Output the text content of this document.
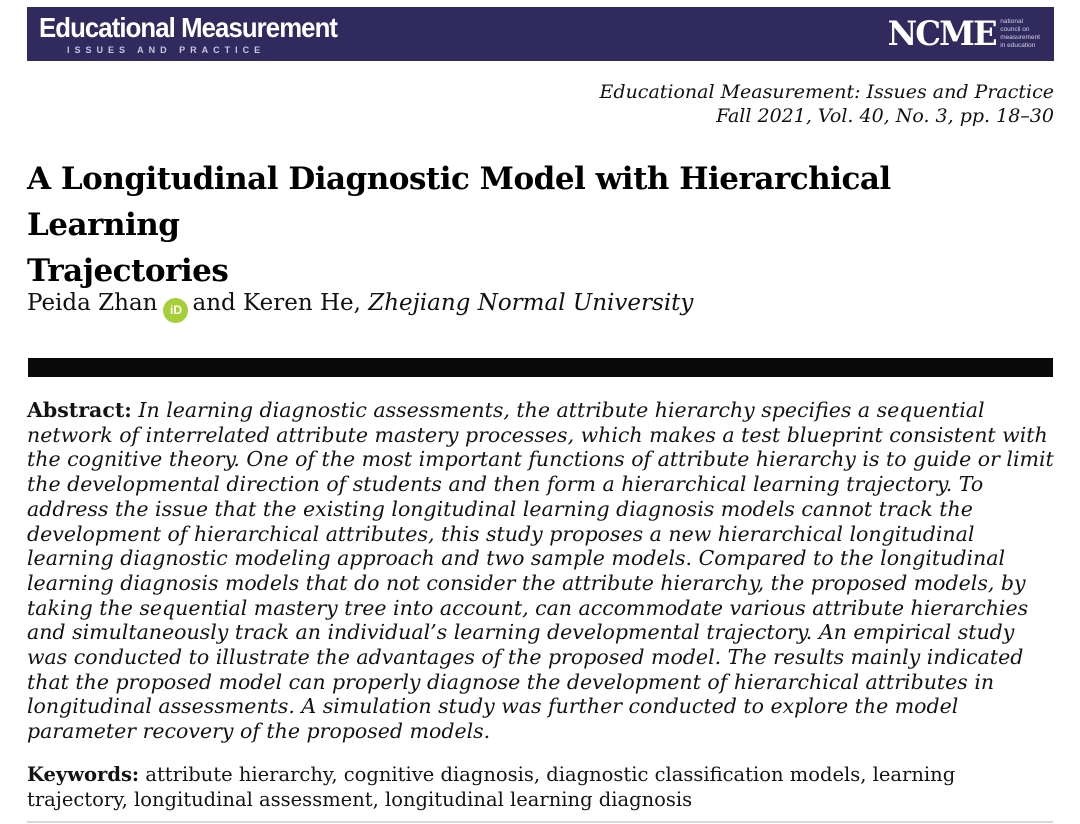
Educational Measurement
ISSUES AND PRACTICE	NCME national
council on
measurement
in education
Educational Measurement: Issues and Practice
Fall 2021, Vol. 40, No. 3, pp. 18–30
A Longitudinal Diagnostic Model with Hierarchical Learning
Trajectories
Peida Zhan iD and Keren He, Zhejiang Normal University

Abstract: In learning diagnostic assessments, the attribute hierarchy specifies a sequential network of interrelated attribute mastery processes, which makes a test blueprint consistent with the cognitive theory. One of the most important functions of attribute hierarchy is to guide or limit the developmental direction of students and then form a hierarchical learning trajectory. To address the issue that the existing longitudinal learning diagnosis models cannot track the development of hierarchical attributes, this study proposes a new hierarchical longitudinal learning diagnostic modeling approach and two sample models. Compared to the longitudinal learning diagnosis models that do not consider the attribute hierarchy, the proposed models, by taking the sequential mastery tree into account, can accommodate various attribute hierarchies and simultaneously track an individual’s learning developmental trajectory. An empirical study was conducted to illustrate the advantages of the proposed model. The results mainly indicated that the proposed model can properly diagnose the development of hierarchical attributes in longitudinal assessments. A simulation study was further conducted to explore the model parameter recovery of the proposed models.

Keywords: attribute hierarchy, cognitive diagnosis, diagnostic classification models, learning trajectory, longitudinal assessment, longitudinal learning diagnosis
